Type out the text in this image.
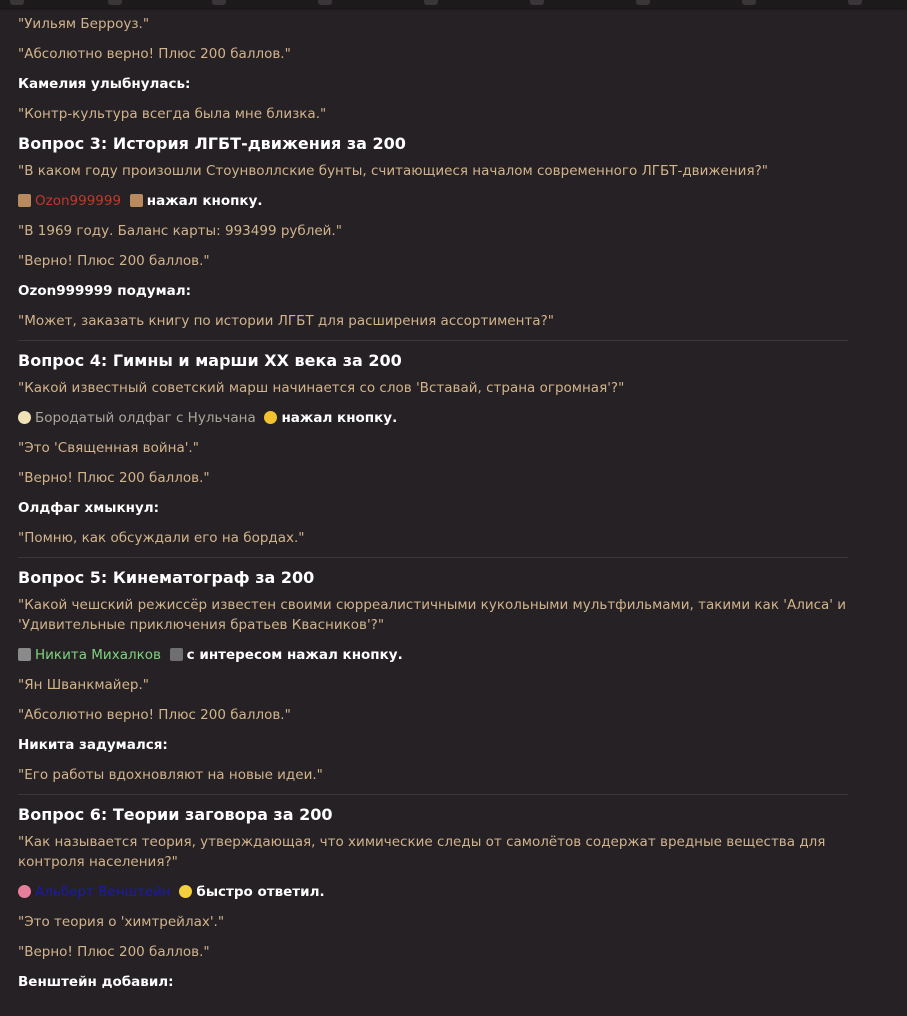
"Уильям Берроуз."

"Абсолютно верно! Плюс 200 баллов."

Камелия улыбнулась:

"Контр-культура всегда была мне близка."

Вопрос 3: История ЛГБТ-движения за 200

"В каком году произошли Стоунволлские бунты, считающиеся началом современного ЛГБТ-движения?"

Ozon999999 нажал кнопку.

"В 1969 году. Баланс карты: 993499 рублей."

"Верно! Плюс 200 баллов."

Ozon999999 подумал:

"Может, заказать книгу по истории ЛГБТ для расширения ассортимента?"

Вопрос 4: Гимны и марши XX века за 200

"Какой известный советский марш начинается со слов 'Вставай, страна огромная'?"

Бородатый олдфаг с Нульчана нажал кнопку.

"Это 'Священная война'."

"Верно! Плюс 200 баллов."

Олдфаг хмыкнул:

"Помню, как обсуждали его на бордах."

Вопрос 5: Кинематограф за 200

"Какой чешский режиссёр известен своими сюрреалистичными кукольными мультфильмами, такими как 'Алиса' и 'Удивительные приключения братьев Квасников'?"

Никита Михалков с интересом нажал кнопку.

"Ян Шванкмайер."

"Абсолютно верно! Плюс 200 баллов."

Никита задумался:

"Его работы вдохновляют на новые идеи."

Вопрос 6: Теории заговора за 200

"Как называется теория, утверждающая, что химические следы от самолётов содержат вредные вещества для контроля населения?"

Альберт Венштейн быстро ответил.

"Это теория о 'химтрейлах'."

"Верно! Плюс 200 баллов."

Венштейн добавил:
